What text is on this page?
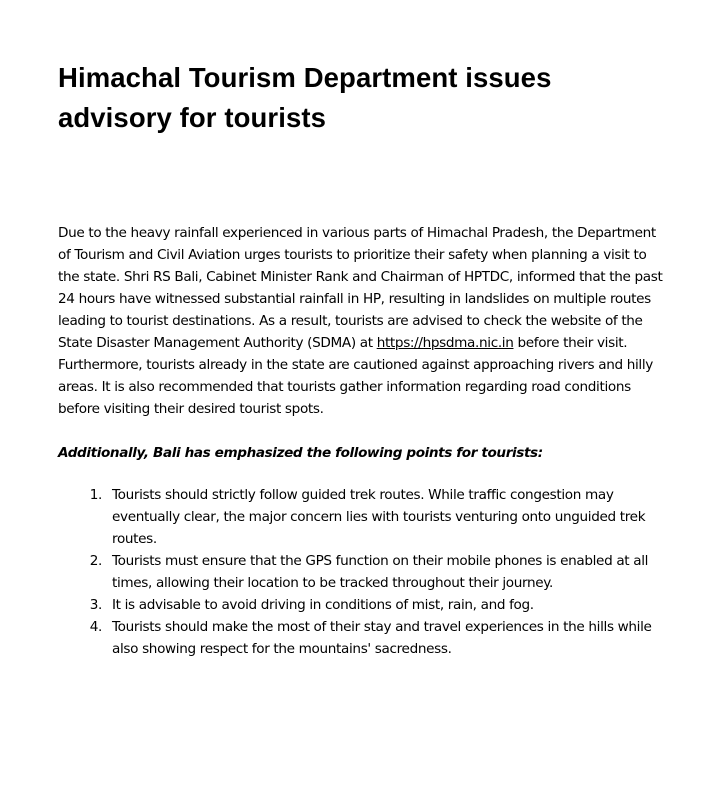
Himachal Tourism Department issues advisory for tourists

Due to the heavy rainfall experienced in various parts of Himachal Pradesh, the Department of Tourism and Civil Aviation urges tourists to prioritize their safety when planning a visit to the state. Shri RS Bali, Cabinet Minister Rank and Chairman of HPTDC, informed that the past 24 hours have witnessed substantial rainfall in HP, resulting in landslides on multiple routes leading to tourist destinations. As a result, tourists are advised to check the website of the State Disaster Management Authority (SDMA) at https://hpsdma.nic.in before their visit. Furthermore, tourists already in the state are cautioned against approaching rivers and hilly areas. It is also recommended that tourists gather information regarding road conditions before visiting their desired tourist spots.

Additionally, Bali has emphasized the following points for tourists:

1. Tourists should strictly follow guided trek routes. While traffic congestion may eventually clear, the major concern lies with tourists venturing onto unguided trek routes.
2. Tourists must ensure that the GPS function on their mobile phones is enabled at all times, allowing their location to be tracked throughout their journey.
3. It is advisable to avoid driving in conditions of mist, rain, and fog.
4. Tourists should make the most of their stay and travel experiences in the hills while also showing respect for the mountains' sacredness.
